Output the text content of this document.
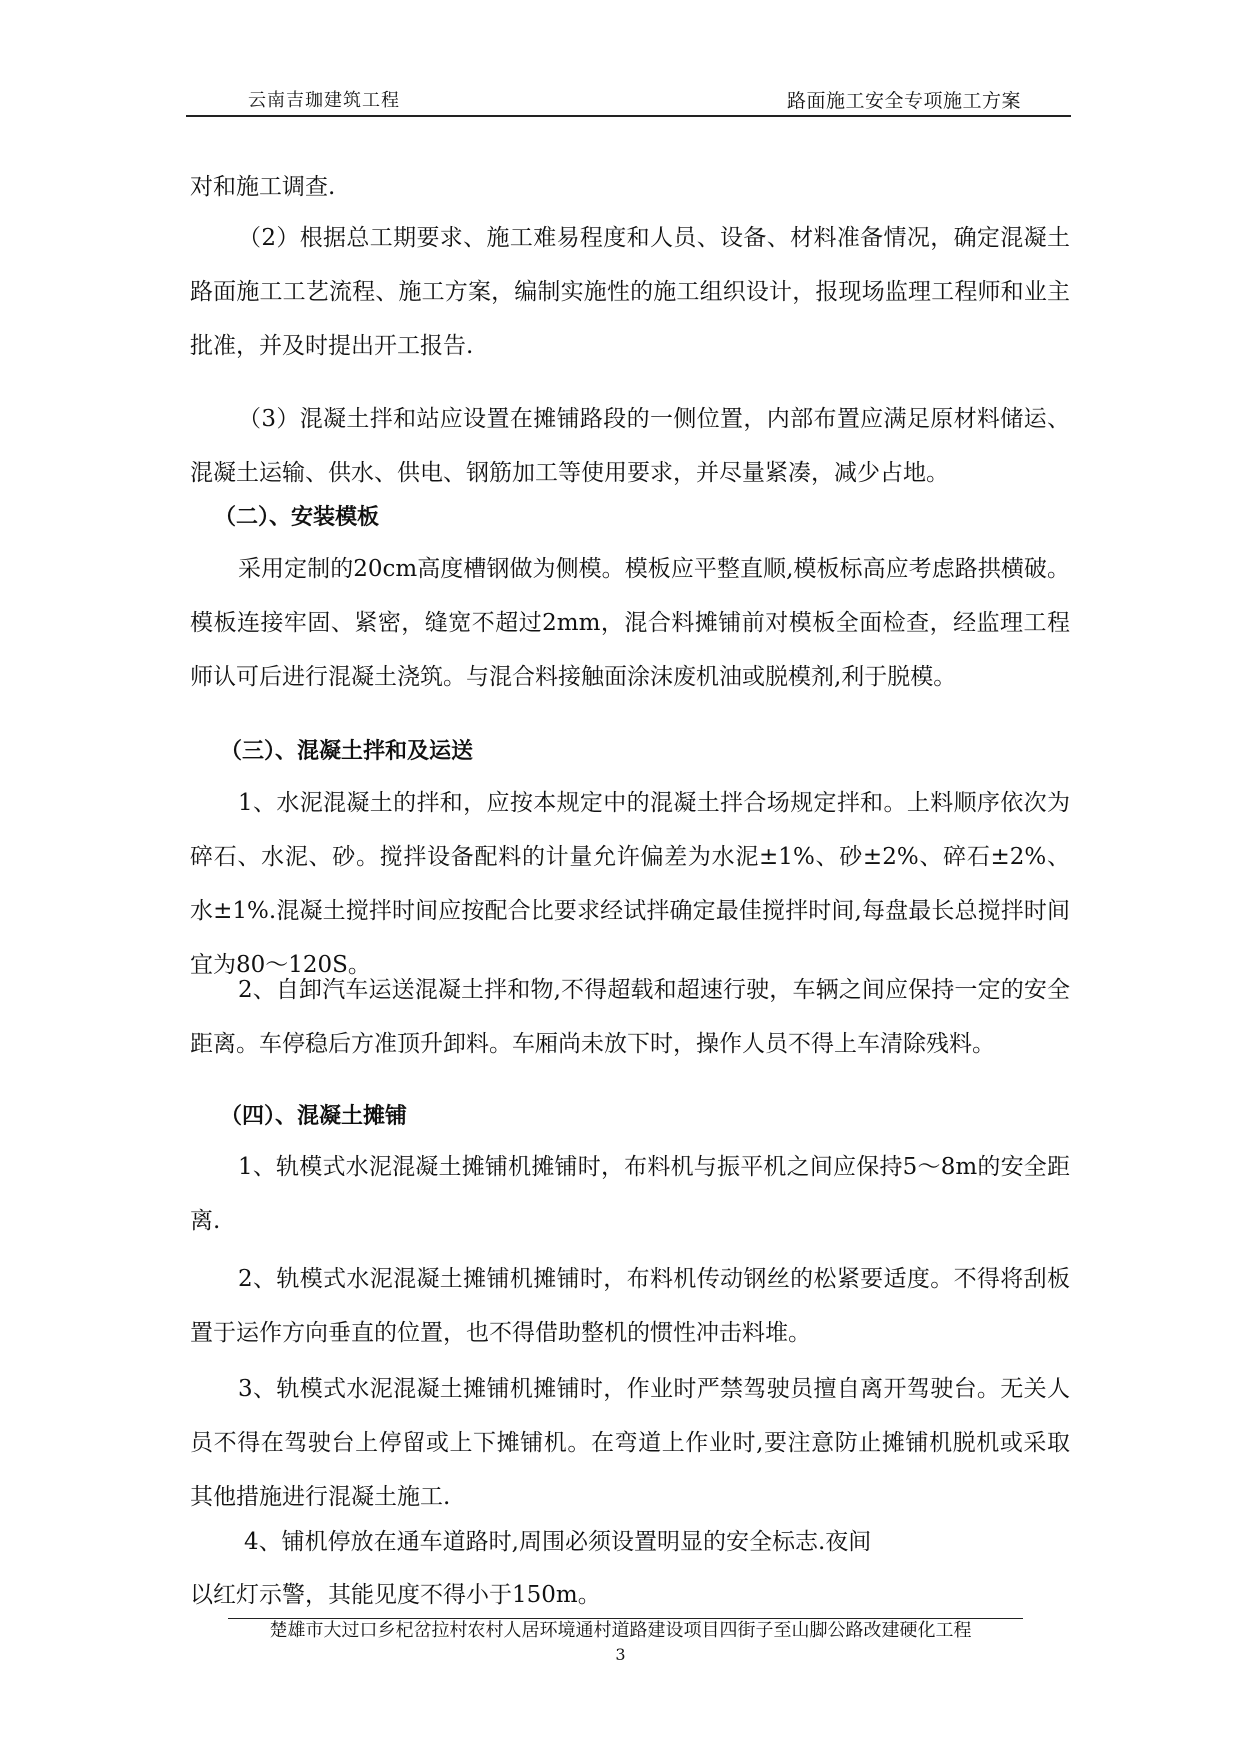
云南吉珈建筑工程	路面施工安全专项施工方案

对和施工调查.

（2）根据总工期要求、施工难易程度和人员、设备、材料准备情况，确定混凝土路面施工工艺流程、施工方案，编制实施性的施工组织设计，报现场监理工程师和业主批准，并及时提出开工报告.

（3）混凝土拌和站应设置在摊铺路段的一侧位置，内部布置应满足原材料储运、混凝土运输、供水、供电、钢筋加工等使用要求，并尽量紧凑，减少占地。

（二）、安装模板

采用定制的20cm高度槽钢做为侧模。模板应平整直顺,模板标高应考虑路拱横破。模板连接牢固、紧密，缝宽不超过2mm，混合料摊铺前对模板全面检查，经监理工程师认可后进行混凝土浇筑。与混合料接触面涂沫废机油或脱模剂,利于脱模。

（三）、混凝土拌和及运送

1、水泥混凝土的拌和，应按本规定中的混凝土拌合场规定拌和。上料顺序依次为碎石、水泥、砂。搅拌设备配料的计量允许偏差为水泥±1%、砂±2%、碎石±2%、水±1%.混凝土搅拌时间应按配合比要求经试拌确定最佳搅拌时间,每盘最长总搅拌时间宜为80～120S。

2、自卸汽车运送混凝土拌和物,不得超载和超速行驶，车辆之间应保持一定的安全距离。车停稳后方准顶升卸料。车厢尚未放下时，操作人员不得上车清除残料。

（四）、混凝土摊铺

1、轨模式水泥混凝土摊铺机摊铺时，布料机与振平机之间应保持5～8m的安全距离.

2、轨模式水泥混凝土摊铺机摊铺时，布料机传动钢丝的松紧要适度。不得将刮板置于运作方向垂直的位置，也不得借助整机的惯性冲击料堆。

3、轨模式水泥混凝土摊铺机摊铺时，作业时严禁驾驶员擅自离开驾驶台。无关人员不得在驾驶台上停留或上下摊铺机。在弯道上作业时,要注意防止摊铺机脱机或采取其他措施进行混凝土施工.

4、铺机停放在通车道路时,周围必须设置明显的安全标志.夜间

以红灯示警，其能见度不得小于150m。

楚雄市大过口乡杞岔拉村农村人居环境通村道路建设项目四街子至山脚公路改建硬化工程
3
